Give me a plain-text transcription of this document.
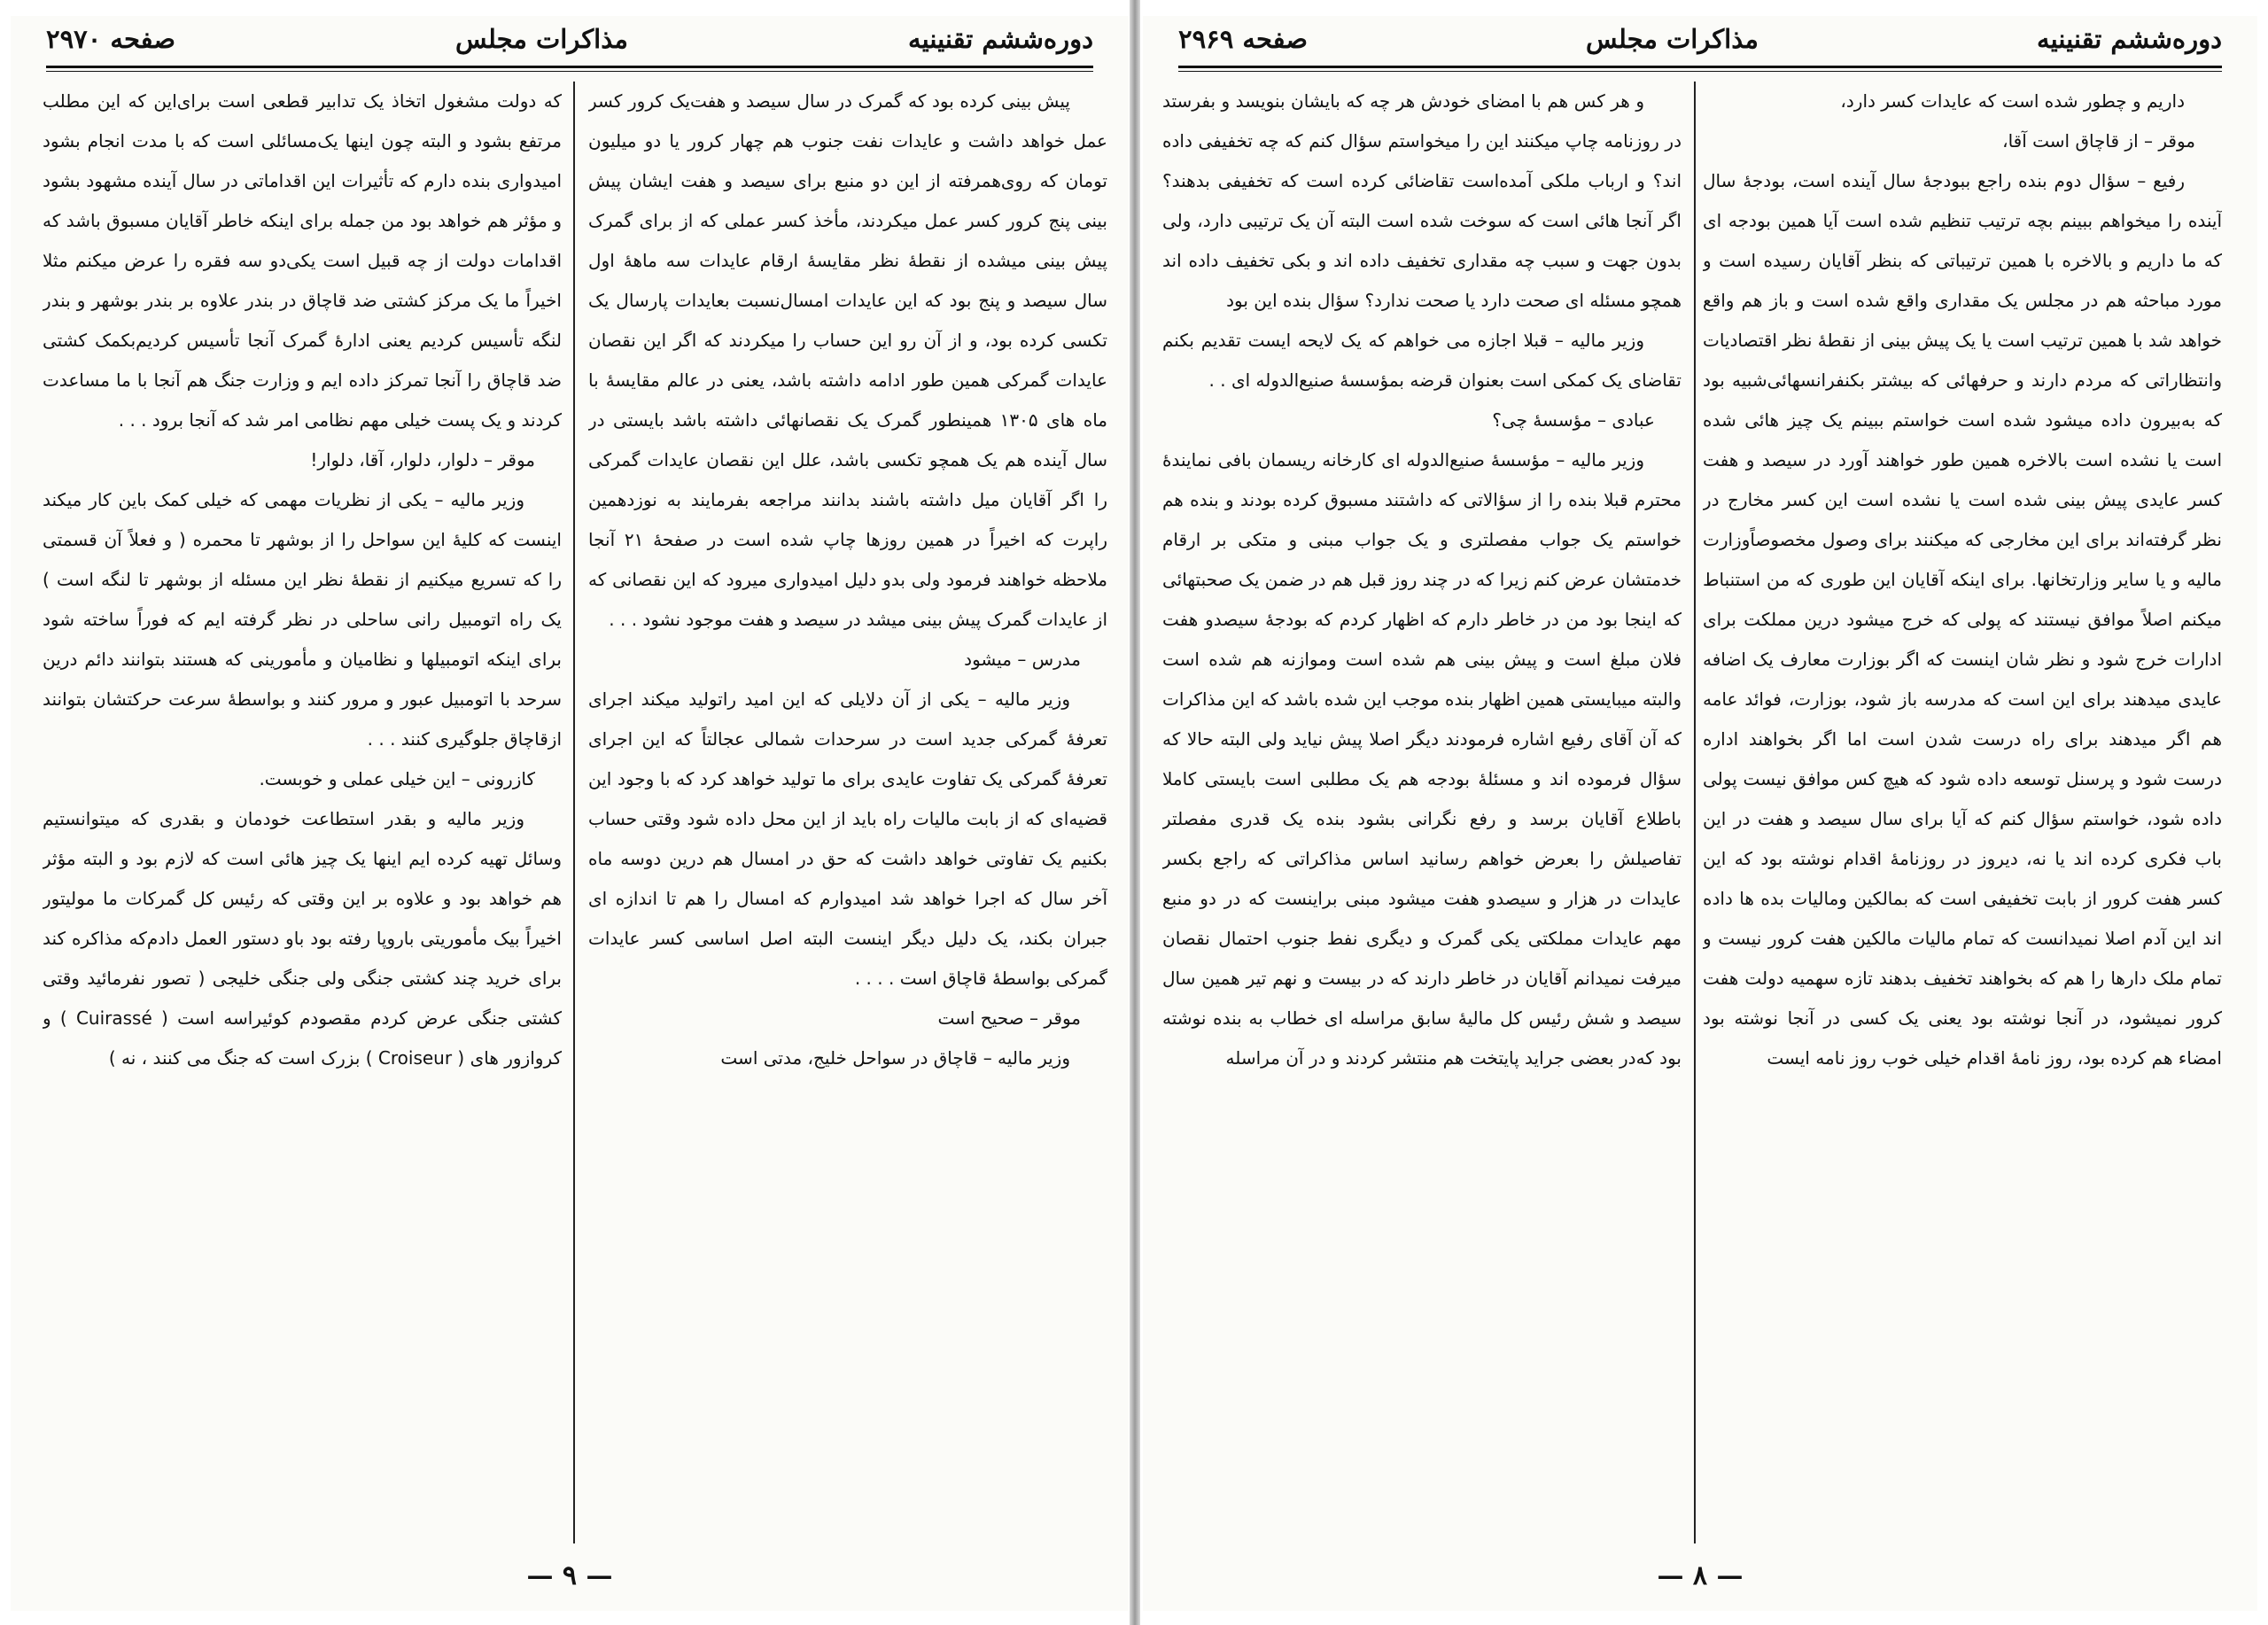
صفحه ۲۹۷۰	مذاکرات مجلس	دوره‌ششم تقنینیه

پیش بینی کرده بود که گمرک در سال سیصد و هفت‌یک کرور کسر عمل خواهد داشت و عایدات نفت جنوب هم چهار کرور یا دو میلیون تومان که روی‌همرفته از این دو منبع برای سیصد و هفت ایشان پیش بینی پنج کرور کسر عمل میکردند، مأخذ کسر عملی که از برای گمرک پیش بینی میشده از نقطهٔ نظر مقایسهٔ ارقام عایدات سه ماههٔ اول سال سیصد و پنج بود که این عایدات امسال‌نسبت بعایدات پارسال یک تکسی کرده بود، و از آن رو این حساب را میکردند که اگر این نقصان عایدات گمرکی همین طور ادامه داشته باشد، یعنی در عالم مقایسهٔ با ماه های ۱۳۰۵ همینطور گمرک یک نقصانهائی داشته باشد بایستی در سال آینده هم یک همچو تکسی باشد، علل این نقصان عایدات گمرکی را اگر آقایان میل داشته باشند بدانند مراجعه بفرمایند به نوزدهمین راپرت که اخیراً در همین روزها چاپ شده است در صفحهٔ ۲۱ آنجا ملاحظه خواهند فرمود ولی بدو دلیل امیدواری میرود که این نقصانی که از عایدات گمرک پیش بینی میشد در سیصد و هفت موجود نشود . . .

مدرس – میشود

وزیر مالیه – یکی از آن دلایلی که این امید راتولید میکند اجرای تعرفهٔ گمرکی جدید است در سرحدات شمالی عجالتاً که این اجرای تعرفهٔ گمرکی یک تفاوت عایدی برای ما تولید خواهد کرد که با وجود این قضیه‌ای که از بابت مالیات راه باید از این محل داده شود وقتی حساب بکنیم یک تفاوتی خواهد داشت که حق در امسال هم درین دوسه ماه آخر سال که اجرا خواهد شد امیدوارم که امسال را هم تا اندازه ای جبران بکند، یک دلیل دیگر اینست البته اصل اساسی کسر عایدات گمرکی بواسطهٔ قاچاق است . . . .

موقر – صحیح است

وزیر مالیه – قاچاق در سواحل خلیج، مدتی است

که دولت مشغول اتخاذ یک تدابیر قطعی است برای‌این که این مطلب مرتفع بشود و البته چون اینها یک‌مسائلی است که با مدت انجام بشود امیدواری بنده دارم که تأثیرات این اقداماتی در سال آینده مشهود بشود و مؤثر هم خواهد بود من جمله برای اینکه خاطر آقایان مسبوق باشد که اقدامات دولت از چه قبیل است یکی‌دو سه فقره را عرض میکنم مثلا اخیراً ما یک مرکز کشتی ضد قاچاق در بندر علاوه بر بندر بوشهر و بندر لنگه تأسیس کردیم یعنی ادارهٔ گمرک آنجا تأسیس کردیم‌بکمک کشتی ضد قاچاق را آنجا تمرکز داده ایم و وزارت جنگ هم آنجا با ما مساعدت کردند و یک پست خیلی مهم نظامی امر شد که آنجا برود . . .

موقر – دلوار، دلوار، آقا، دلوار!

وزیر مالیه – یکی از نظریات مهمی که خیلی کمک باین کار میکند اینست که کلیهٔ این سواحل را از بوشهر تا محمره ( و فعلاً آن قسمتی را که تسریع میکنیم از نقطهٔ نظر این مسئله از بوشهر تا لنگه است ) یک راه اتومبیل رانی ساحلی در نظر گرفته ایم که فوراً ساخته شود برای اینکه اتومبیلها و نظامیان و مأمورینی که هستند بتوانند دائم درین سرحد با اتومبیل عبور و مرور کنند و بواسطهٔ سرعت حرکتشان بتوانند ازقاچاق جلوگیری کنند . . .

کازرونی – این خیلی عملی و خوبست.

وزیر مالیه و بقدر استطاعت خودمان و بقدری که میتوانستیم وسائل تهیه کرده ایم اینها یک چیز هائی است که لازم بود و البته مؤثر هم خواهد بود و علاوه بر این وقتی که رئیس کل گمرکات ما مولیتور اخیراً بیک مأموریتی باروپا رفته بود باو دستور العمل دادم‌که مذاکره کند برای خرید چند کشتی جنگی ولی جنگی خلیجی ( تصور نفرمائید وقتی کشتی جنگی عرض کردم مقصودم کوئیراسه است ( Cuirassé ) و کروازور های ( Croiseur ) بزرک است که جنگ می کنند ، نه )

— ۹ —
صفحه ۲۹۶۹	مذاکرات مجلس	دوره‌ششم تقنینیه

داریم و چطور شده است که عایدات کسر دارد،

موقر – از قاچاق است آقا،

رفیع – سؤال دوم بنده راجع ببودجهٔ سال آینده است، بودجهٔ سال آینده را میخواهم ببینم بچه ترتیب تنظیم شده است آیا همین بودجه ای که ما داریم و بالاخره با همین ترتیباتی که بنظر آقایان رسیده است و مورد مباحثه هم در مجلس یک مقداری واقع شده است و باز هم واقع خواهد شد با همین ترتیب است یا یک پیش بینی از نقطهٔ نظر اقتصادیات وانتظاراتی که مردم دارند و حرفهائی که بیشتر بکنفرانسهائی‌شبیه بود که به‌بیرون داده میشود شده است خواستم ببینم یک چیز هائی شده است یا نشده است بالاخره همین طور خواهند آورد در سیصد و هفت کسر عایدی پیش بینی شده است یا نشده است این کسر مخارج در نظر گرفته‌اند برای این مخارجی که میکنند برای وصول مخصوصاً‌وزارت مالیه و یا سایر وزارتخانها. برای اینکه آقایان این طوری که من استنباط میکنم اصلاً موافق نیستند که پولی که خرج میشود درین مملکت برای ادارات خرج شود و نظر شان اینست که اگر بوزارت معارف یک اضافه عایدی میدهند برای این است که مدرسه باز شود، بوزارت، فوائد عامه هم اگر میدهند برای راه درست شدن است اما اگر بخواهند اداره درست شود و پرسنل توسعه داده شود که هیچ کس موافق نیست پولی داده شود، خواستم سؤال کنم که آیا برای سال سیصد و هفت در این باب فکری کرده اند یا نه، دیروز در روزنامهٔ اقدام نوشته بود که این کسر هفت کرور از بابت تخفیفی است که بمالکین ومالیات بده ها داده اند این آدم اصلا نمیدانست که تمام مالیات مالکین هفت کرور نیست و تمام ملک دارها را هم که بخواهند تخفیف بدهند تازه سهمیه دولت هفت کرور نمیشود، در آنجا نوشته بود یعنی یک کسی در آنجا نوشته بود امضاء هم کرده بود، روز نامهٔ اقدام خیلی خوب روز نامه ایست

و هر کس هم با امضای خودش هر چه که بایشان بنویسد و بفرستد در روزنامه چاپ میکنند این را میخواستم سؤال کنم که چه تخفیفی داده اند؟ و ارباب ملکی آمده‌است تقاضائی کرده است که تخفیفی بدهند؟ اگر آنجا هائی است که سوخت شده است البته آن یک ترتیبی دارد، ولی بدون جهت و سبب چه مقداری تخفیف داده اند و بکی تخفیف داده اند همچو مسئله ای صحت دارد یا صحت ندارد؟ سؤال بنده این بود

وزیر مالیه – قبلا اجازه می خواهم که یک لایحه ایست تقدیم بکنم تقاضای یک کمکی است بعنوان قرضه بمؤسسهٔ صنیع‌الدوله ای . .

عبادی – مؤسسهٔ چی؟

وزیر مالیه – مؤسسهٔ صنیع‌الدوله ای کارخانه ریسمان بافی نمایندهٔ محترم قبلا بنده را از سؤالاتی که داشتند مسبوق کرده بودند و بنده هم خواستم یک جواب مفصلتری و یک جواب مبنی و متکی بر ارقام خدمتشان عرض کنم زیرا که در چند روز قبل هم در ضمن یک صحبتهائی که اینجا بود من در خاطر دارم که اظهار کردم که بودجهٔ سیصدو هفت فلان مبلغ است و پیش بینی هم شده است وموازنه هم شده است والبته میبایستی همین اظهار بنده موجب این شده باشد که این مذاکرات که آن آقای رفیع اشاره فرمودند دیگر اصلا پیش نیاید ولی البته حالا که سؤال فرموده اند و مسئلهٔ بودجه هم یک مطلبی است بایستی کاملا باطلاع آقایان برسد و رفع نگرانی بشود بنده یک قدری مفصلتر تفاصیلش را بعرض خواهم رسانید اساس مذاکراتی که راجع بکسر عایدات در هزار و سیصدو هفت میشود مبنی براینست که در دو منبع مهم عایدات مملکتی یکی گمرک و دیگری نفط جنوب احتمال نقصان میرفت نمیدانم آقایان در خاطر دارند که در بیست و نهم تیر همین سال سیصد و شش رئیس کل مالیهٔ سابق مراسله ای خطاب به بنده نوشته بود که‌در بعضی جراید پایتخت هم منتشر کردند و در آن مراسله

— ۸ —
